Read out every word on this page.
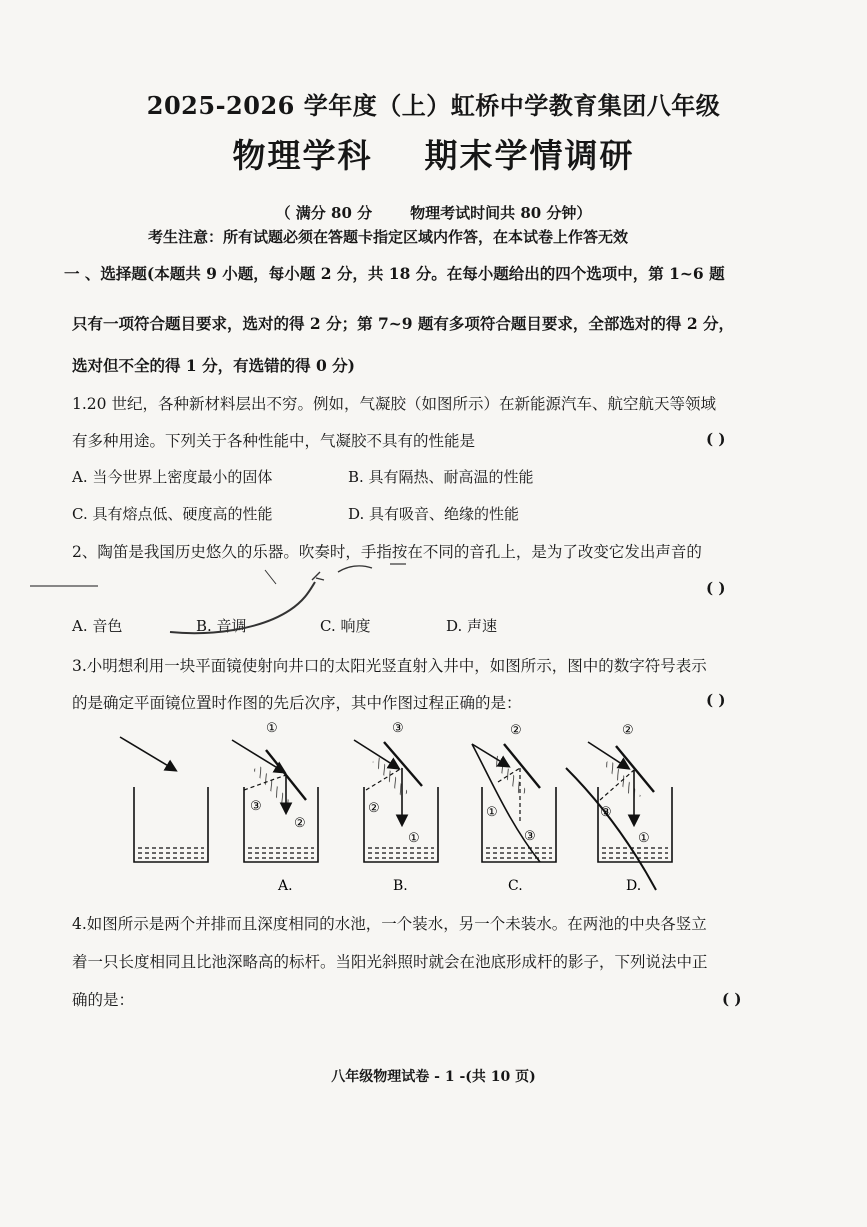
2025-2026 学年度（上）虹桥中学教育集团八年级
物理学科 期末学情调研
（ 满分 80 分	物理考试时间共 80 分钟）
考生注意：所有试题必须在答题卡指定区域内作答，在本试卷上作答无效
一 、选择题(本题共 9 小题，每小题 2 分，共 18 分。在每小题给出的四个选项中，第 1~6 题
只有一项符合题目要求，选对的得 2 分；第 7~9 题有多项符合题目要求，全部选对的得 2 分，
选对但不全的得 1 分，有选错的得 0 分)
1.20 世纪，各种新材料层出不穷。例如，气凝胶（如图所示）在新能源汽车、航空航天等领域
有多种用途。下列关于各种性能中，气凝胶不具有的性能是	( )
A. 当今世界上密度最小的固体	B. 具有隔热、耐高温的性能
C. 具有熔点低、硬度高的性能	D. 具有吸音、绝缘的性能
2、陶笛是我国历史悠久的乐器。吹奏时，手指按在不同的音孔上，是为了改变它发出声音的
( )
A. 音色	B. 音调	C. 响度	D. 声速
3.小明想利用一块平面镜使射向井口的太阳光竖直射入井中，如图所示，图中的数字符号表示
的是确定平面镜位置时作图的先后次序，其中作图过程正确的是：	( )
①
③
②
A.
③
②
①
B.
②
①
③
C.
②
③
①
D.
4.如图所示是两个并排而且深度相同的水池，一个装水，另一个未装水。在两池的中央各竖立
着一只长度相同且比池深略高的标杆。当阳光斜照时就会在池底形成杆的影子，下列说法中正
确的是：	( )
八年级物理试卷 - 1 -(共 10 页)
